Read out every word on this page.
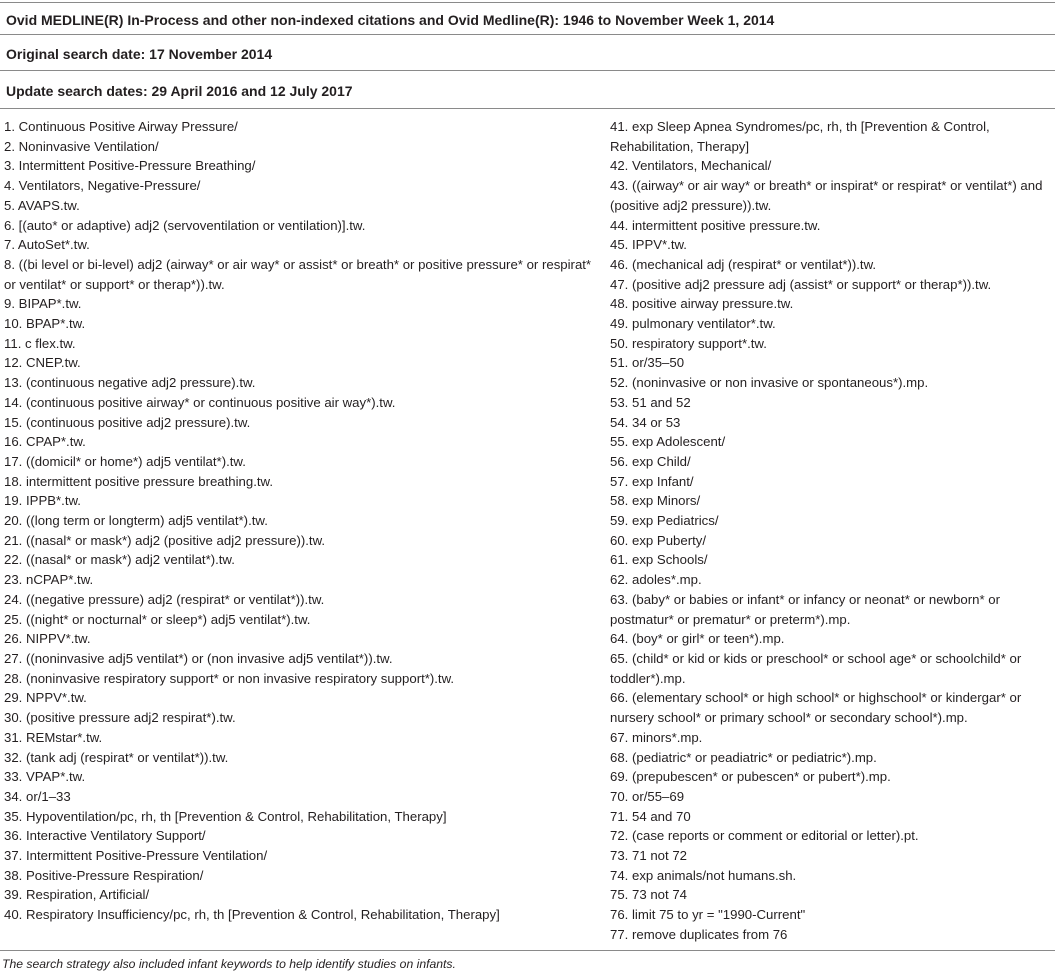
Ovid MEDLINE(R) In-Process and other non-indexed citations and Ovid Medline(R): 1946 to November Week 1, 2014
Original search date: 17 November 2014
Update search dates: 29 April 2016 and 12 July 2017
1. Continuous Positive Airway Pressure/
2. Noninvasive Ventilation/
3. Intermittent Positive-Pressure Breathing/
4. Ventilators, Negative-Pressure/
5. AVAPS.tw.
6. [(auto* or adaptive) adj2 (servoventilation or ventilation)].tw.
7. AutoSet*.tw.
8. ((bi level or bi-level) adj2 (airway* or air way* or assist* or breath* or positive pressure* or respirat* or ventilat* or support* or therap*)).tw.
9. BIPAP*.tw.
10. BPAP*.tw.
11. c flex.tw.
12. CNEP.tw.
13. (continuous negative adj2 pressure).tw.
14. (continuous positive airway* or continuous positive air way*).tw.
15. (continuous positive adj2 pressure).tw.
16. CPAP*.tw.
17. ((domicil* or home*) adj5 ventilat*).tw.
18. intermittent positive pressure breathing.tw.
19. IPPB*.tw.
20. ((long term or longterm) adj5 ventilat*).tw.
21. ((nasal* or mask*) adj2 (positive adj2 pressure)).tw.
22. ((nasal* or mask*) adj2 ventilat*).tw.
23. nCPAP*.tw.
24. ((negative pressure) adj2 (respirat* or ventilat*)).tw.
25. ((night* or nocturnal* or sleep*) adj5 ventilat*).tw.
26. NIPPV*.tw.
27. ((noninvasive adj5 ventilat*) or (non invasive adj5 ventilat*)).tw.
28. (noninvasive respiratory support* or non invasive respiratory support*).tw.
29. NPPV*.tw.
30. (positive pressure adj2 respirat*).tw.
31. REMstar*.tw.
32. (tank adj (respirat* or ventilat*)).tw.
33. VPAP*.tw.
34. or/1–33
35. Hypoventilation/pc, rh, th [Prevention & Control, Rehabilitation, Therapy]
36. Interactive Ventilatory Support/
37. Intermittent Positive-Pressure Ventilation/
38. Positive-Pressure Respiration/
39. Respiration, Artificial/
40. Respiratory Insufficiency/pc, rh, th [Prevention & Control, Rehabilitation, Therapy]
41. exp Sleep Apnea Syndromes/pc, rh, th [Prevention & Control, Rehabilitation, Therapy]
42. Ventilators, Mechanical/
43. ((airway* or air way* or breath* or inspirat* or respirat* or ventilat*) and (positive adj2 pressure)).tw.
44. intermittent positive pressure.tw.
45. IPPV*.tw.
46. (mechanical adj (respirat* or ventilat*)).tw.
47. (positive adj2 pressure adj (assist* or support* or therap*)).tw.
48. positive airway pressure.tw.
49. pulmonary ventilator*.tw.
50. respiratory support*.tw.
51. or/35–50
52. (noninvasive or non invasive or spontaneous*).mp.
53. 51 and 52
54. 34 or 53
55. exp Adolescent/
56. exp Child/
57. exp Infant/
58. exp Minors/
59. exp Pediatrics/
60. exp Puberty/
61. exp Schools/
62. adoles*.mp.
63. (baby* or babies or infant* or infancy or neonat* or newborn* or postmatur* or prematur* or preterm*).mp.
64. (boy* or girl* or teen*).mp.
65. (child* or kid or kids or preschool* or school age* or schoolchild* or toddler*).mp.
66. (elementary school* or high school* or highschool* or kindergar* or nursery school* or primary school* or secondary school*).mp.
67. minors*.mp.
68. (pediatric* or peadiatric* or pediatric*).mp.
69. (prepubescen* or pubescen* or pubert*).mp.
70. or/55–69
71. 54 and 70
72. (case reports or comment or editorial or letter).pt.
73. 71 not 72
74. exp animals/not humans.sh.
75. 73 not 74
76. limit 75 to yr = "1990-Current"
77. remove duplicates from 76
The search strategy also included infant keywords to help identify studies on infants.
